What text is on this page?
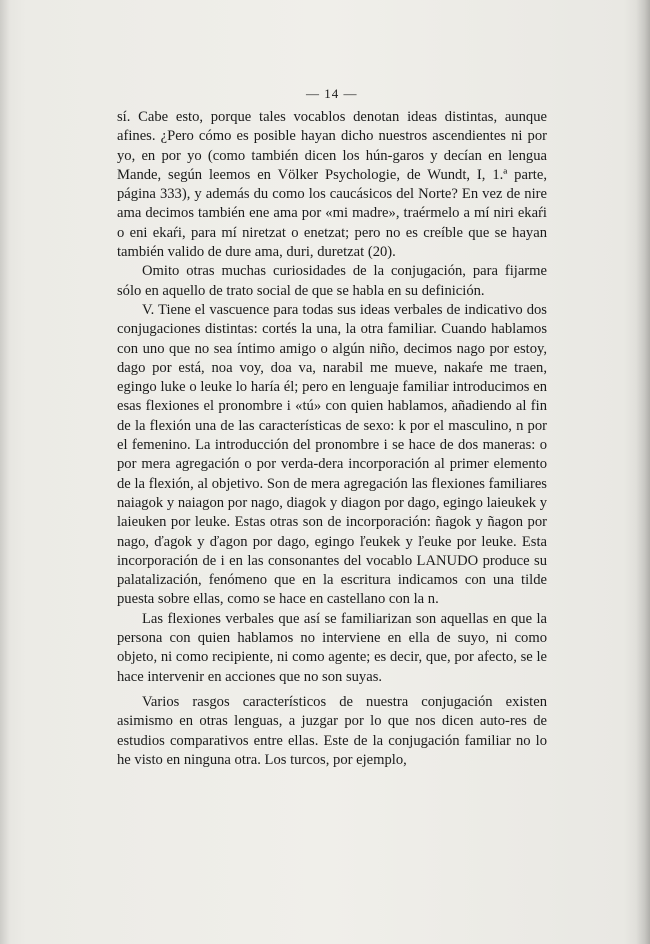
— 14 —

sí. Cabe esto, porque tales vocablos denotan ideas distintas, aunque afines. ¿Pero cómo es posible hayan dicho nuestros ascendientes ni por yo, en por yo (como también dicen los hún-garos y decían en lengua Mande, según leemos en Völker Psychologie, de Wundt, I, 1.ª parte, página 333), y además du como los caucásicos del Norte? En vez de nire ama decimos también ene ama por «mi madre», traérmelo a mí niri ekaŕi o eni ekaŕi, para mí niretzat o enetzat; pero no es creíble que se hayan también valido de dure ama, duri, duretzat (20).

Omito otras muchas curiosidades de la conjugación, para fijarme sólo en aquello de trato social de que se habla en su definición.

V. Tiene el vascuence para todas sus ideas verbales de indicativo dos conjugaciones distintas: cortés la una, la otra familiar. Cuando hablamos con uno que no sea íntimo amigo o algún niño, decimos nago por estoy, dago por está, noa voy, doa va, narabil me mueve, nakaŕe me traen, egingo luke o leuke lo haría él; pero en lenguaje familiar introducimos en esas flexiones el pronombre i «tú» con quien hablamos, añadiendo al fin de la flexión una de las características de sexo: k por el masculino, n por el femenino. La introducción del pronombre i se hace de dos maneras: o por mera agregación o por verda-dera incorporación al primer elemento de la flexión, al objetivo. Son de mera agregación las flexiones familiares naiagok y naiagon por nago, diagok y diagon por dago, egingo laieukek y laieuken por leuke. Estas otras son de incorporación: ñagok y ñagon por nago, ďagok y ďagon por dago, egingo ľeukek y ľeuke por leuke. Esta incorporación de i en las consonantes del vocablo LANUDO produce su palatalización, fenómeno que en la escritura indicamos con una tilde puesta sobre ellas, como se hace en castellano con la n.

Las flexiones verbales que así se familiarizan son aquellas en que la persona con quien hablamos no interviene en ella de suyo, ni como objeto, ni como recipiente, ni como agente; es decir, que, por afecto, se le hace intervenir en acciones que no son suyas.

Varios rasgos característicos de nuestra conjugación existen asimismo en otras lenguas, a juzgar por lo que nos dicen auto-res de estudios comparativos entre ellas. Este de la conjugación familiar no lo he visto en ninguna otra. Los turcos, por ejemplo,
